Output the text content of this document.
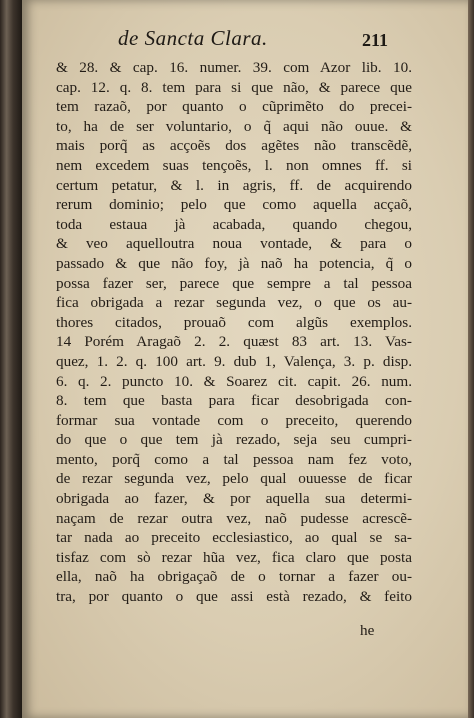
de Sancta Clara.	211
& 28. & cap. 16. numer. 39. com Azor lib. 10.
cap. 12. q. 8. tem para si que não, & parece que
tem razaõ, por quanto o cũprimẽto do precei-
to, ha de ser voluntario, o q̃ aqui não ouue. &
mais porq̃ as acçoẽs dos agẽtes não transcẽdẽ,
nem excedem suas tençoẽs, l. non omnes ff. si
certum petatur, & l. in agris, ff. de acquirendo
rerum dominio; pelo que como aquella acçaõ,
toda estaua jà acabada, quando chegou,
& veo aquelloutra noua vontade, & para o
passado & que não foy, jà naõ ha potencia, q̃ o
possa fazer ser, parece que sempre a tal pessoa
fica obrigada a rezar segunda vez, o que os au-
thores citados, prouaõ com algũs exemplos.
14 Porém Aragaõ 2. 2. quæst 83 art. 13. Vas-
quez, 1. 2. q. 100 art. 9. dub 1, Valença, 3. p. disp.
6. q. 2. puncto 10. & Soarez cit. capit. 26. num.
8. tem que basta para ficar desobrigada con-
formar sua vontade com o preceito, querendo
do que o que tem jà rezado, seja seu cumpri-
mento, porq̃ como a tal pessoa nam fez voto,
de rezar segunda vez, pelo qual ouuesse de ficar
obrigada ao fazer, & por aquella sua determi-
naçam de rezar outra vez, naõ pudesse acrescẽ-
tar nada ao preceito ecclesiastico, ao qual se sa-
tisfaz com sò rezar hũa vez, fica claro que posta
ella, naõ ha obrigaçaõ de o tornar a fazer ou-
tra, por quanto o que assi està rezado, & feito
he
